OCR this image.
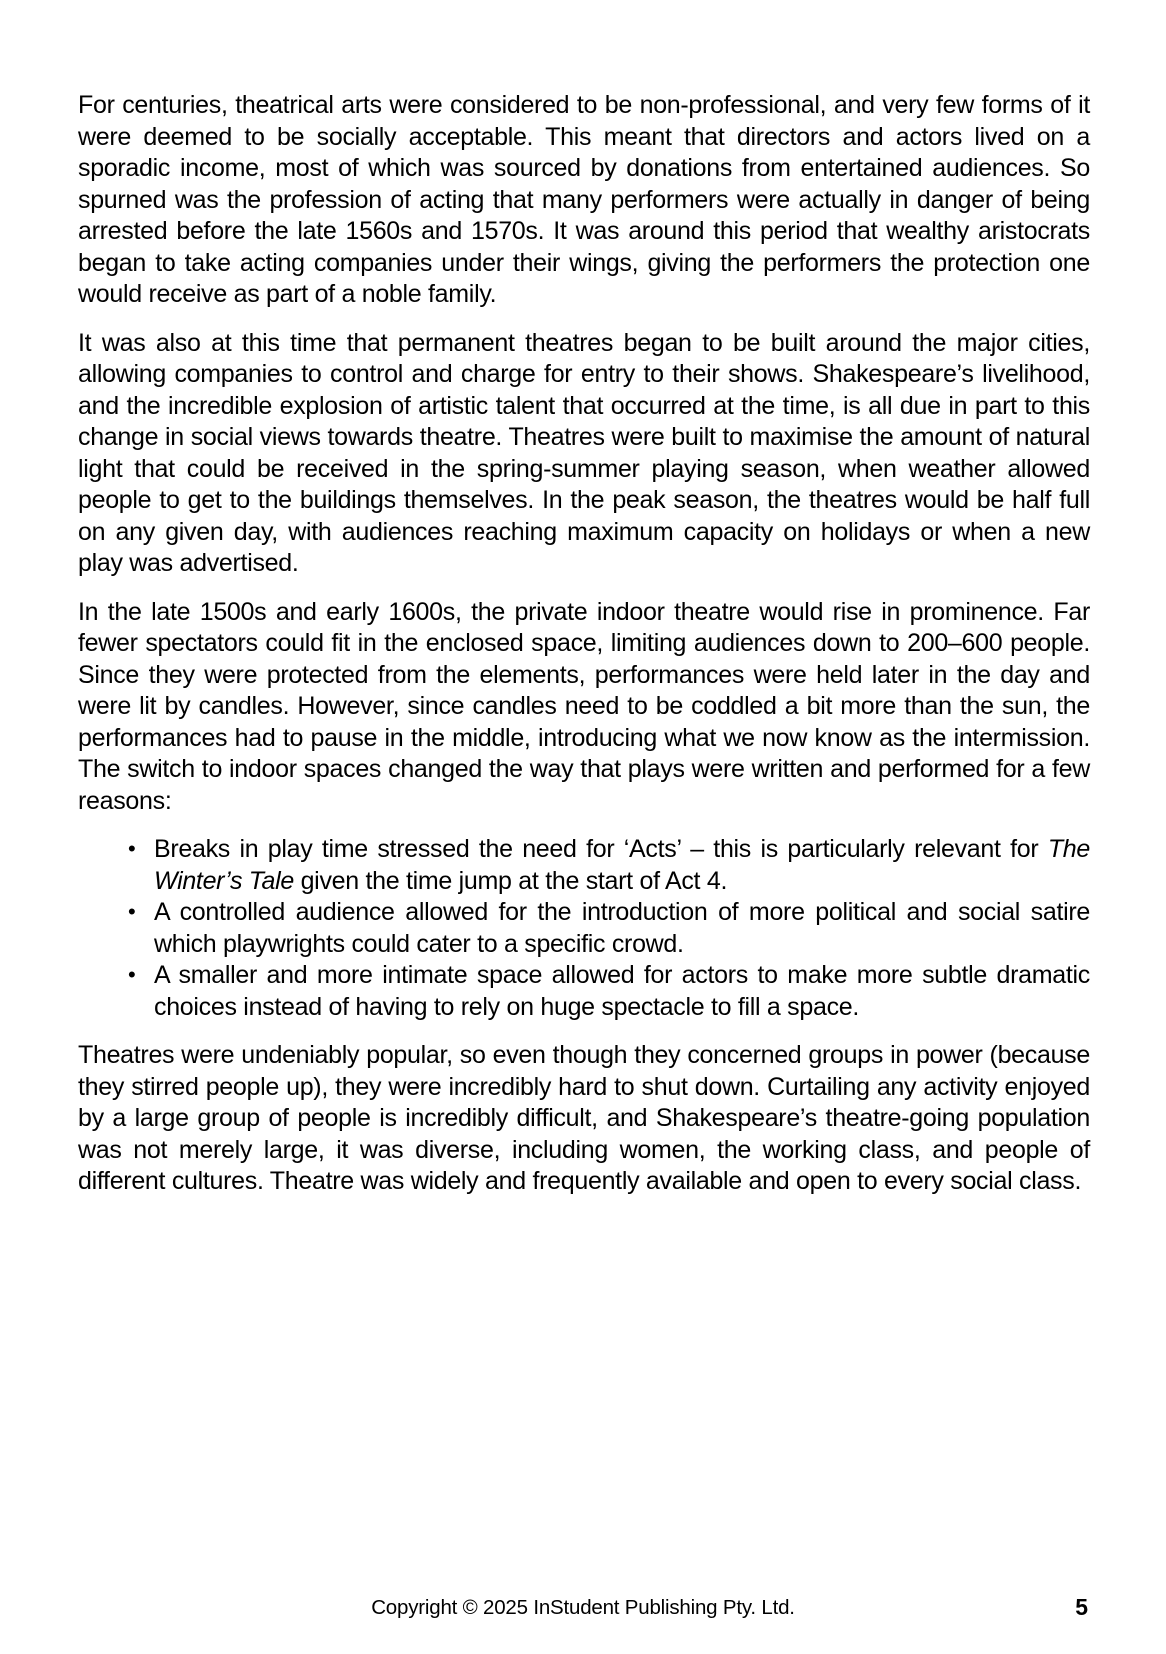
For centuries, theatrical arts were considered to be non-professional, and very few forms of it were deemed to be socially acceptable. This meant that directors and actors lived on a sporadic income, most of which was sourced by donations from entertained audiences. So spurned was the profession of acting that many performers were actually in danger of being arrested before the late 1560s and 1570s. It was around this period that wealthy aristocrats began to take acting companies under their wings, giving the performers the protection one would receive as part of a noble family.

It was also at this time that permanent theatres began to be built around the major cities, allowing companies to control and charge for entry to their shows. Shakespeare’s livelihood, and the incredible explosion of artistic talent that occurred at the time, is all due in part to this change in social views towards theatre. Theatres were built to maximise the amount of natural light that could be received in the spring-summer playing season, when weather allowed people to get to the buildings themselves. In the peak season, the theatres would be half full on any given day, with audiences reaching maximum capacity on holidays or when a new play was advertised.

In the late 1500s and early 1600s, the private indoor theatre would rise in prominence. Far fewer spectators could fit in the enclosed space, limiting audiences down to 200–600 people. Since they were protected from the elements, performances were held later in the day and were lit by candles. However, since candles need to be coddled a bit more than the sun, the performances had to pause in the middle, introducing what we now know as the intermission. The switch to indoor spaces changed the way that plays were written and performed for a few reasons:

• Breaks in play time stressed the need for ‘Acts’ – this is particularly relevant for The Winter’s Tale given the time jump at the start of Act 4.
• A controlled audience allowed for the introduction of more political and social satire which playwrights could cater to a specific crowd.
• A smaller and more intimate space allowed for actors to make more subtle dramatic choices instead of having to rely on huge spectacle to fill a space.

Theatres were undeniably popular, so even though they concerned groups in power (because they stirred people up), they were incredibly hard to shut down. Curtailing any activity enjoyed by a large group of people is incredibly difficult, and Shakespeare’s theatre-going population was not merely large, it was diverse, including women, the working class, and people of different cultures. Theatre was widely and frequently available and open to every social class.

Copyright © 2025 InStudent Publishing Pty. Ltd.	5
